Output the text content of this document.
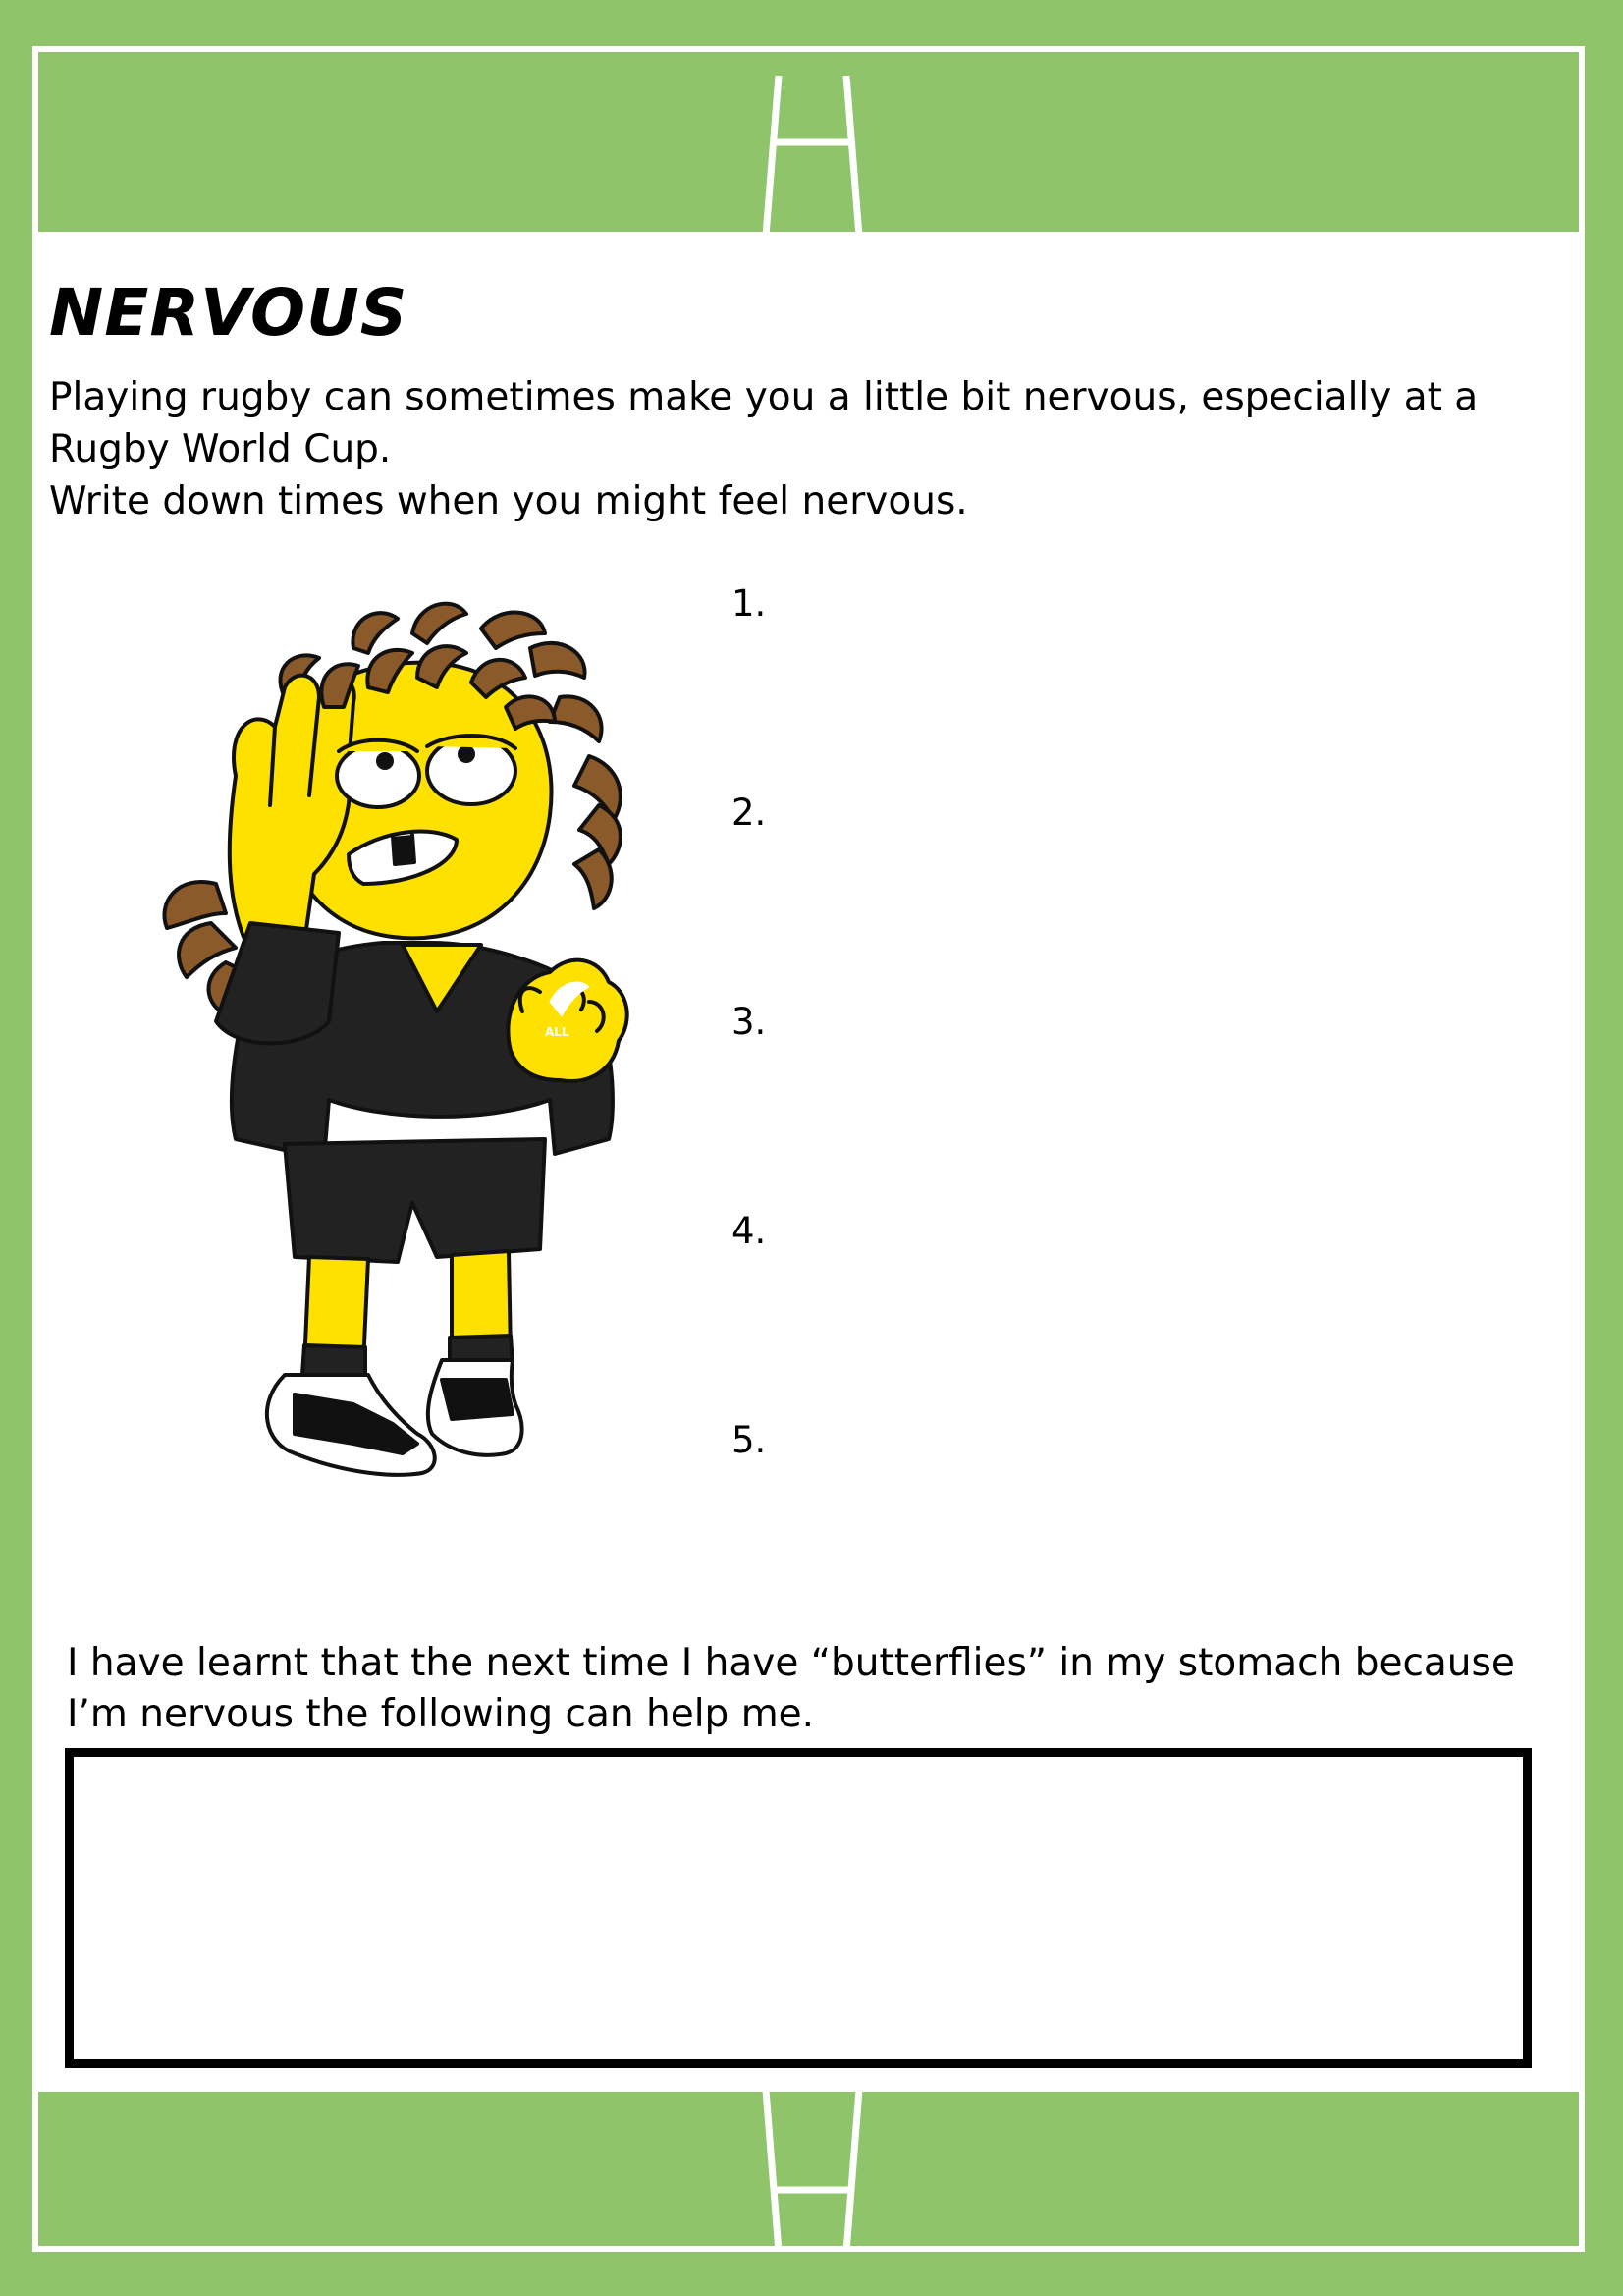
NERVOUS

Playing rugby can sometimes make you a little bit nervous, especially at a Rugby World Cup.

Write down times when you might feel nervous.

ALL
1.
2.
3.
4.
5.

I have learnt that the next time I have “butterflies” in my stomach because I’m nervous the following can help me.
